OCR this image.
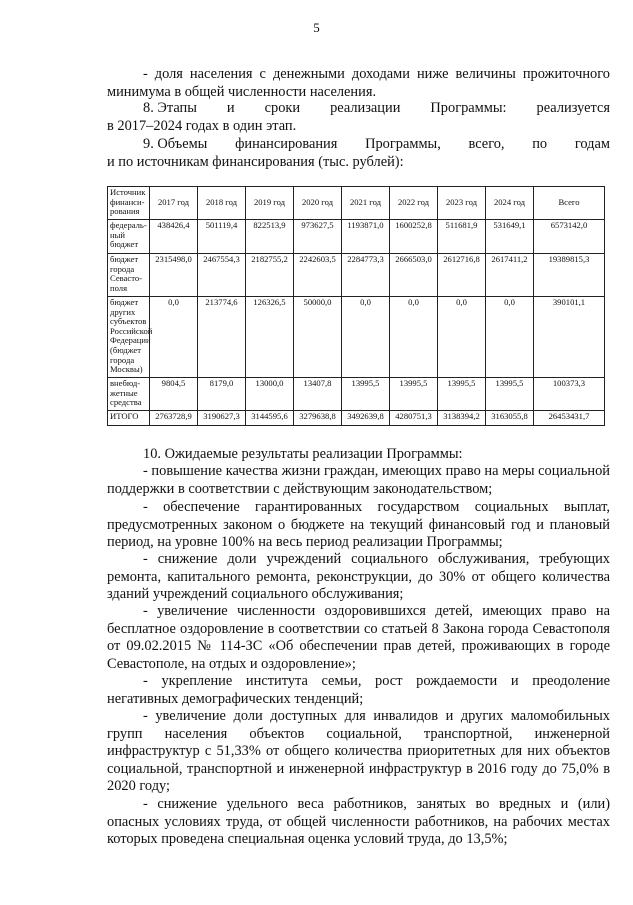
5

- доля населения с денежными доходами ниже величины прожиточного минимума в общей численности населения.

8. Этапы и сроки реализации Программы: реализуется

в 2017–2024 годах в один этап.

9. Объемы финансирования Программы, всего, по годам

и по источникам финансирования (тыс. рублей):

Источник финанси-рования	2017 год	2018 год	2019 год	2020 год	2021 год	2022 год	2023 год	2024 год	Всего
федераль-ный бюджет	438426,4	501119,4	822513,9	973627,5	1193871,0	1600252,8	511681,9	531649,1	6573142,0
бюджет города Севасто-поля	2315498,0	2467554,3	2182755,2	2242603,5	2284773,3	2666503,0	2612716,8	2617411,2	19389815,3
бюджет других субъектов Российской Федерации (бюджет города Москвы)	0,0	213774,6	126326,5	50000,0	0,0	0,0	0,0	0,0	390101,1
внебюд-жетные средства	9804,5	8179,0	13000,0	13407,8	13995,5	13995,5	13995,5	13995,5	100373,3
ИТОГО	2763728,9	3190627,3	3144595,6	3279638,8	3492639,8	4280751,3	3138394,2	3163055,8	26453431,7

10. Ожидаемые результаты реализации Программы:

- повышение качества жизни граждан, имеющих право на меры социальной поддержки в соответствии с действующим законодательством;

- обеспечение гарантированных государством социальных выплат, предусмотренных законом о бюджете на текущий финансовый год и плановый период, на уровне 100% на весь период реализации Программы;

- снижение доли учреждений социального обслуживания, требующих ремонта, капитального ремонта, реконструкции, до 30% от общего количества зданий учреждений социального обслуживания;

- увеличение численности оздоровившихся детей, имеющих право на бесплатное оздоровление в соответствии со статьей 8 Закона города Севастополя от 09.02.2015 № 114-ЗС «Об обеспечении прав детей, проживающих в городе Севастополе, на отдых и оздоровление»;

- укрепление института семьи, рост рождаемости и преодоление негативных демографических тенденций;

- увеличение доли доступных для инвалидов и других маломобильных групп населения объектов социальной, транспортной, инженерной инфраструктур с 51,33% от общего количества приоритетных для них объектов социальной, транспортной и инженерной инфраструктур в 2016 году до 75,0% в 2020 году;

- снижение удельного веса работников, занятых во вредных и (или) опасных условиях труда, от общей численности работников, на рабочих местах которых проведена специальная оценка условий труда, до 13,5%;
